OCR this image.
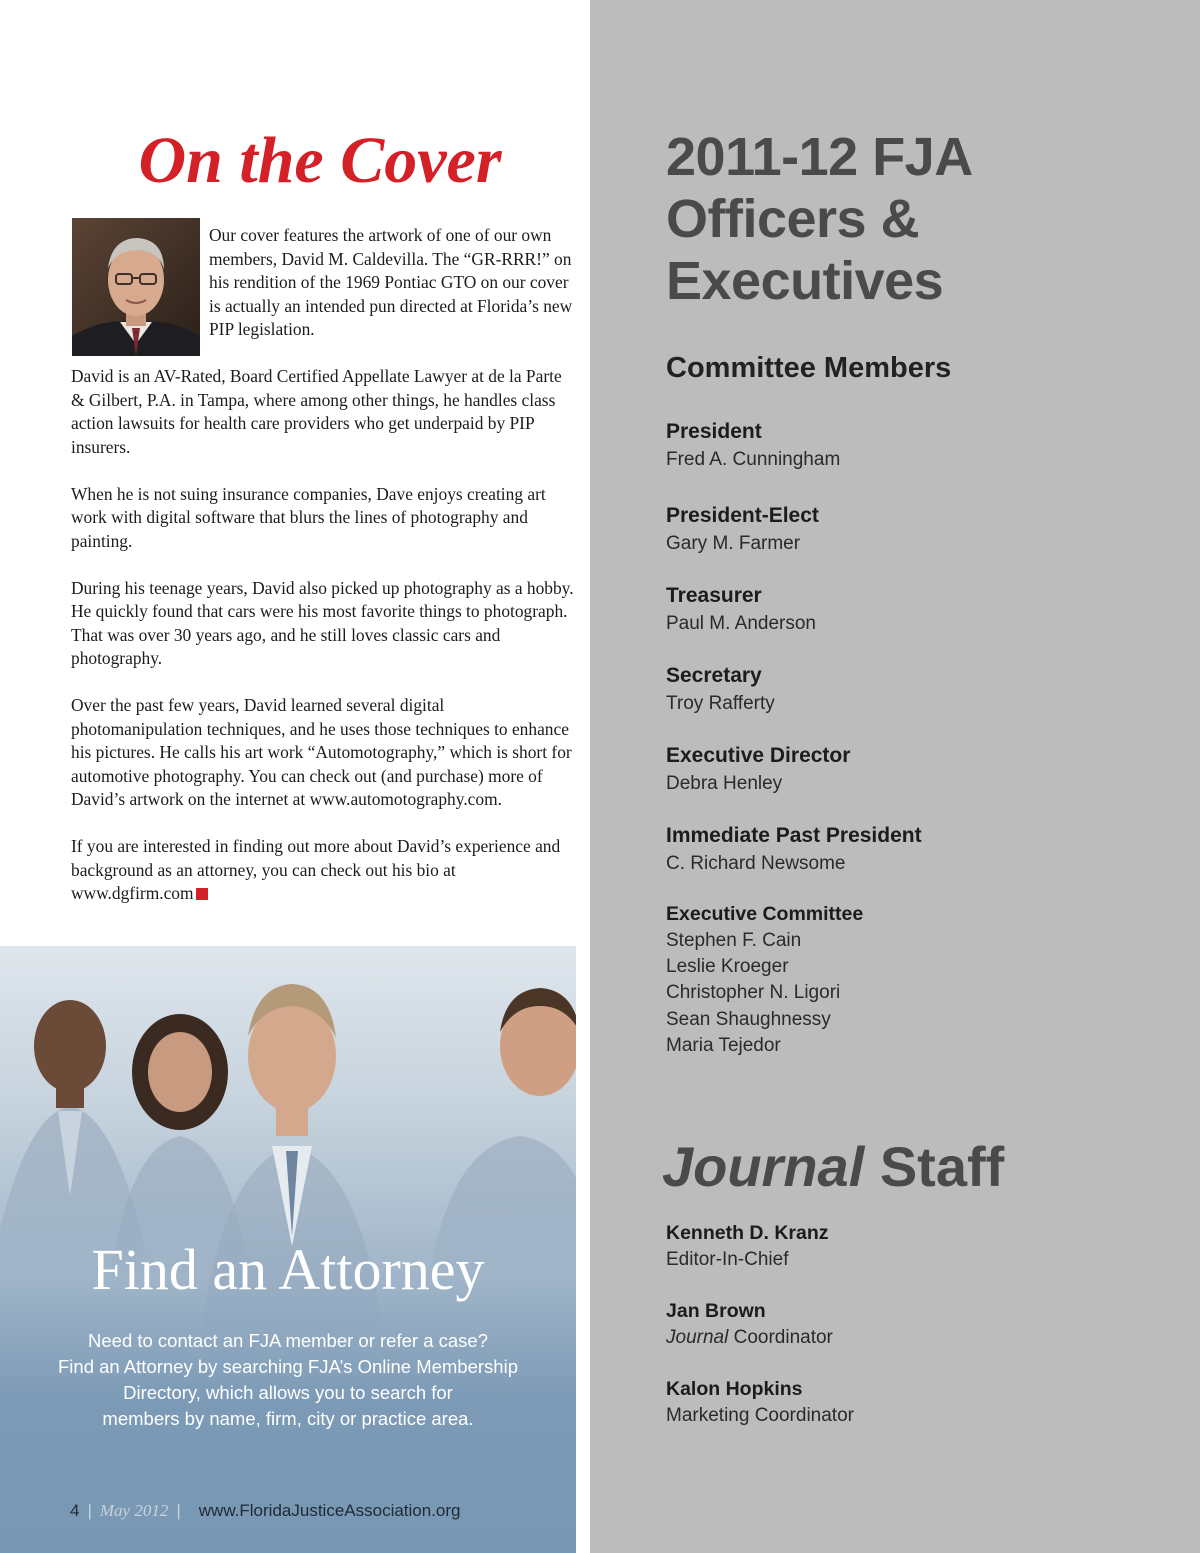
On the Cover

Our cover features the artwork of one of our own members, David M. Caldevilla. The “GR-RRR!” on his rendition of the 1969 Pontiac GTO on our cover is actually an intended pun directed at Florida’s new PIP legislation.

David is an AV-Rated, Board Certified Appellate Lawyer at de la Parte & Gilbert, P.A. in Tampa, where among other things, he handles class action lawsuits for health care providers who get underpaid by PIP insurers.

When he is not suing insurance companies, Dave enjoys creating art work with digital software that blurs the lines of photography and painting.

During his teenage years, David also picked up photography as a hobby. He quickly found that cars were his most favorite things to photograph. That was over 30 years ago, and he still loves classic cars and photography.

Over the past few years, David learned several digital photomanipulation techniques, and he uses those techniques to enhance his pictures. He calls his art work “Automotography,” which is short for automotive photography. You can check out (and purchase) more of David’s artwork on the internet at www.automotography.com.

If you are interested in finding out more about David’s experience and background as an attorney, you can check out his bio at www.dgfirm.com

Find an Attorney
Need to contact an FJA member or refer a case?
Find an Attorney by searching FJA’s Online Membership
Directory, which allows you to search for
members by name, firm, city or practice area.
4 | May 2012 | www.FloridaJusticeAssociation.org
2011-12 FJA
Officers &
Executives
Committee Members
President
Fred A. Cunningham
President-Elect
Gary M. Farmer
Treasurer
Paul M. Anderson
Secretary
Troy Rafferty
Executive Director
Debra Henley
Immediate Past President
C. Richard Newsome
Executive Committee
Stephen F. Cain
Leslie Kroeger
Christopher N. Ligori
Sean Shaughnessy
Maria Tejedor
Journal Staff
Kenneth D. Kranz
Editor-In-Chief
Jan Brown
Journal Coordinator
Kalon Hopkins
Marketing Coordinator
